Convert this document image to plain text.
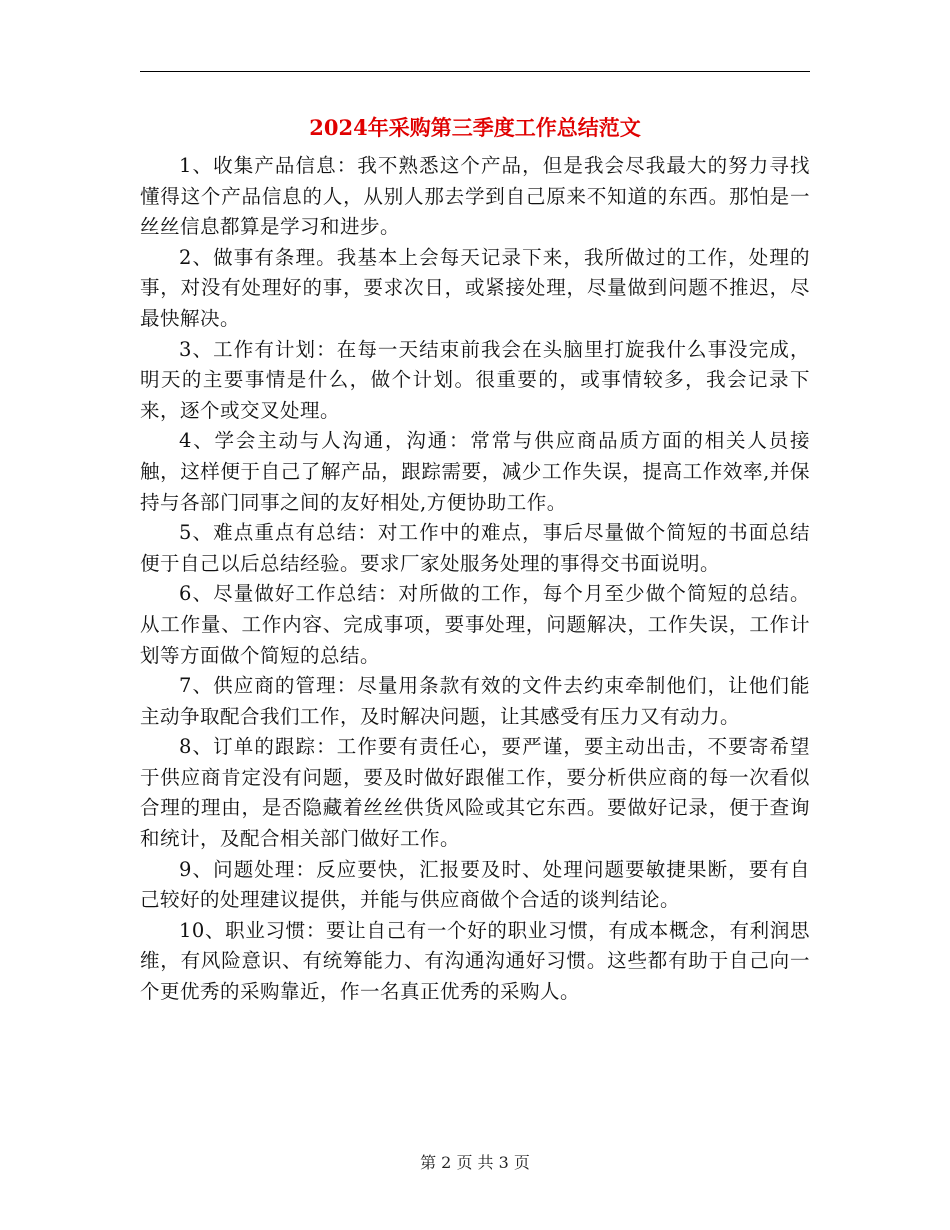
2024年采购第三季度工作总结范文

1、收集产品信息：我不熟悉这个产品，但是我会尽我最大的努力寻找懂得这个产品信息的人，从别人那去学到自己原来不知道的东西。那怕是一丝丝信息都算是学习和进步。

2、做事有条理。我基本上会每天记录下来，我所做过的工作，处理的事，对没有处理好的事，要求次日，或紧接处理，尽量做到问题不推迟，尽最快解决。

3、工作有计划：在每一天结束前我会在头脑里打旋我什么事没完成，明天的主要事情是什么，做个计划。很重要的，或事情较多，我会记录下来，逐个或交叉处理。

4、学会主动与人沟通，沟通：常常与供应商品质方面的相关人员接触，这样便于自己了解产品，跟踪需要，减少工作失误，提高工作效率,并保持与各部门同事之间的友好相处,方便协助工作。

5、难点重点有总结：对工作中的难点，事后尽量做个简短的书面总结便于自己以后总结经验。要求厂家处服务处理的事得交书面说明。

6、尽量做好工作总结：对所做的工作，每个月至少做个简短的总结。从工作量、工作内容、完成事项，要事处理，问题解决，工作失误，工作计划等方面做个简短的总结。

7、供应商的管理：尽量用条款有效的文件去约束牵制他们，让他们能主动争取配合我们工作，及时解决问题，让其感受有压力又有动力。

8、订单的跟踪：工作要有责任心，要严谨，要主动出击，不要寄希望于供应商肯定没有问题，要及时做好跟催工作，要分析供应商的每一次看似合理的理由，是否隐藏着丝丝供货风险或其它东西。要做好记录，便于查询和统计，及配合相关部门做好工作。

9、问题处理：反应要快，汇报要及时、处理问题要敏捷果断，要有自己较好的处理建议提供，并能与供应商做个合适的谈判结论。

10、职业习惯：要让自己有一个好的职业习惯，有成本概念，有利润思维，有风险意识、有统筹能力、有沟通沟通好习惯。这些都有助于自己向一个更优秀的采购靠近，作一名真正优秀的采购人。

第 2 页 共 3 页
